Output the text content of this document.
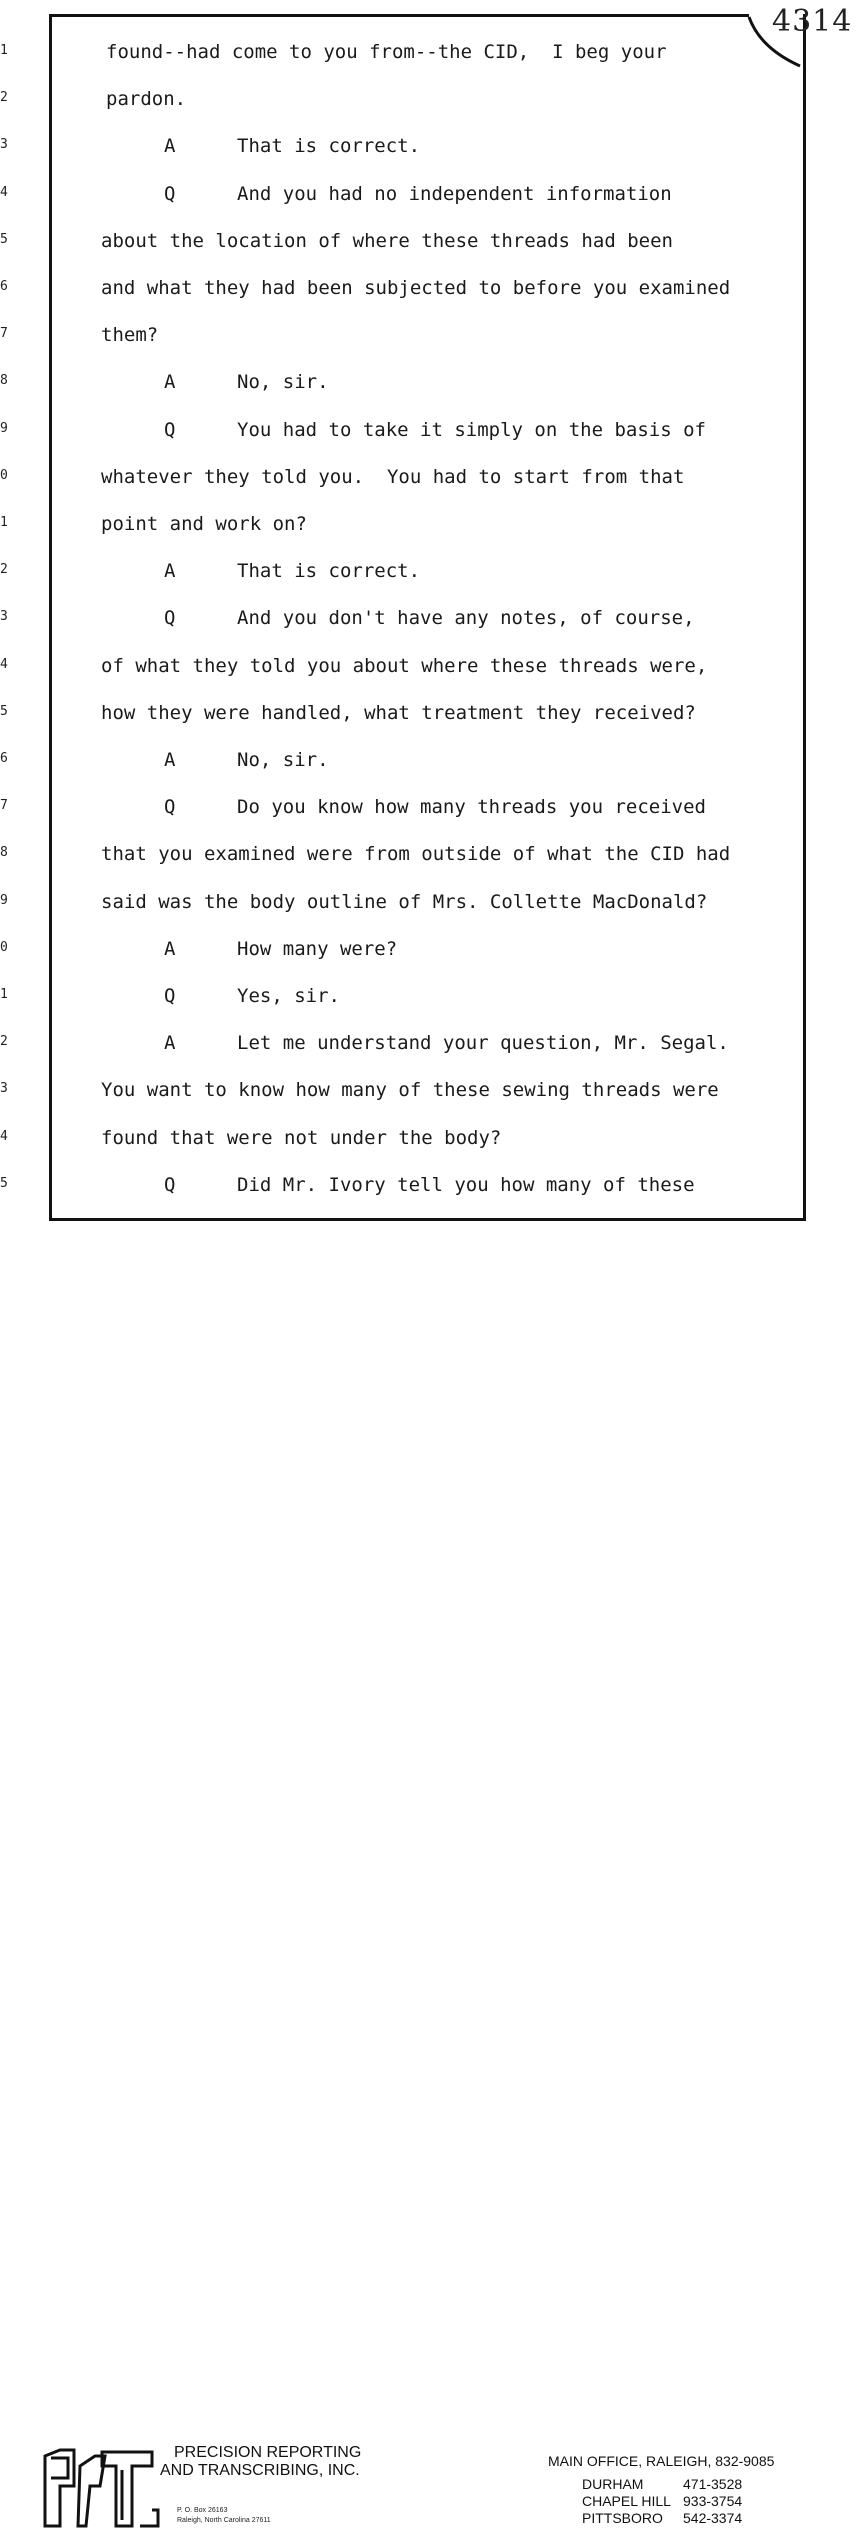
4314
1	found--had come to you from--the CID,  I beg your
2	pardon.
3	A	That is correct.
4	Q	And you had no independent information
5	about the location of where these threads had been
6	and what they had been subjected to before you examined
7	them?
8	A	No, sir.
9	Q	You had to take it simply on the basis of
0	whatever they told you.  You had to start from that
1	point and work on?
2	A	That is correct.
3	Q	And you don't have any notes, of course,
4	of what they told you about where these threads were,
5	how they were handled, what treatment they received?
6	A	No, sir.
7	Q	Do you know how many threads you received
8	that you examined were from outside of what the CID had
9	said was the body outline of Mrs. Collette MacDonald?
0	A	How many were?
1	Q	Yes, sir.
2	A	Let me understand your question, Mr. Segal.
3	You want to know how many of these sewing threads were
4	found that were not under the body?
5	Q	Did Mr. Ivory tell you how many of these
PRECISION REPORTING
AND TRANSCRIBING, INC.
P. O. Box 26163
Raleigh, North Carolina 27611
MAIN OFFICE, RALEIGH, 832-9085
DURHAM	471-3528
CHAPEL HILL 933-3754
PITTSBORO 542-3374
